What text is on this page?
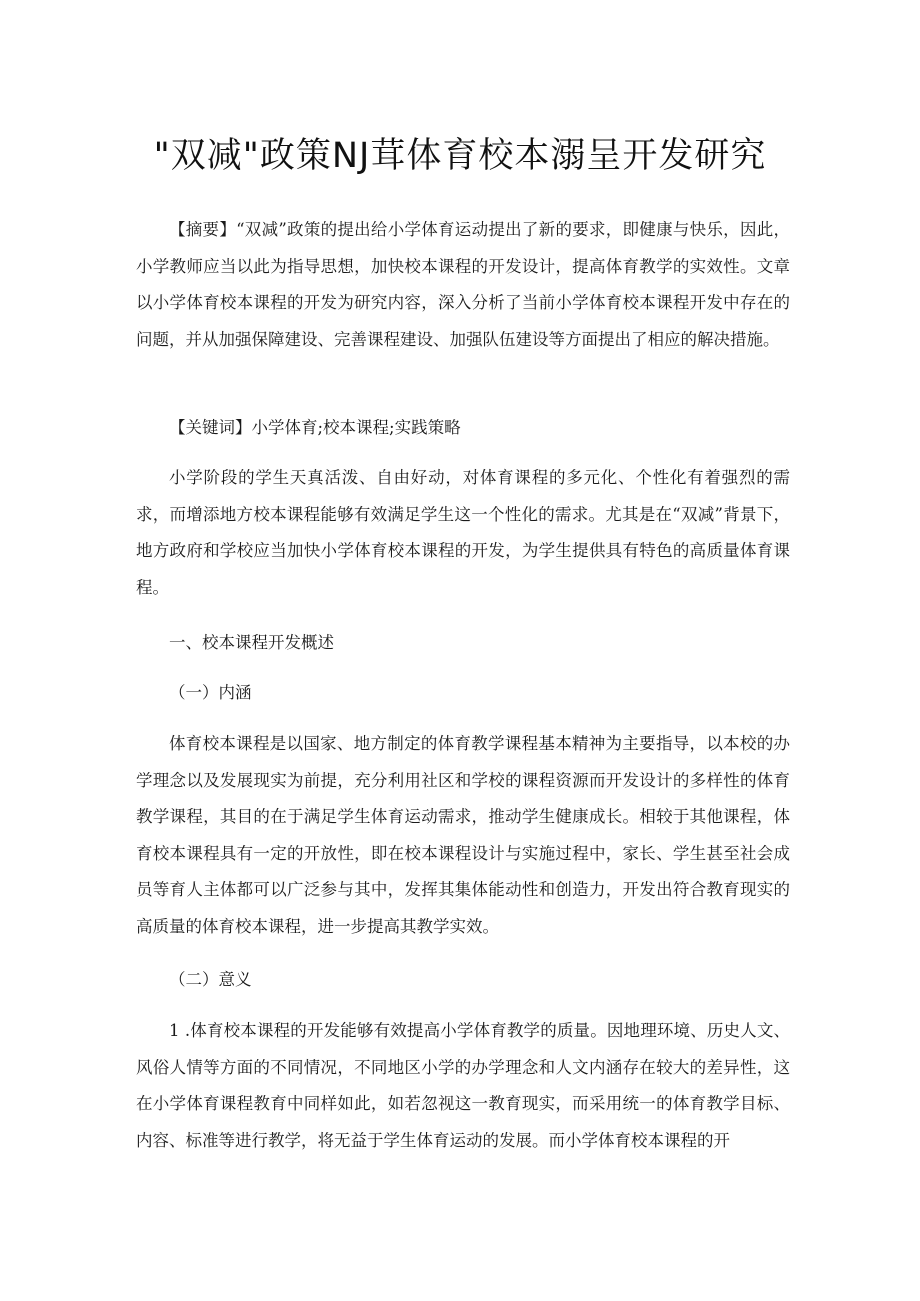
"双减"政策NJ茸体育校本溺呈开发研究
【摘要】“双减”政策的提出给小学体育运动提出了新的要求，即健康与快乐，因此，小学教师应当以此为指导思想，加快校本课程的开发设计，提高体育教学的实效性。文章以小学体育校本课程的开发为研究内容，深入分析了当前小学体育校本课程开发中存在的问题，并从加强保障建设、完善课程建设、加强队伍建设等方面提出了相应的解决措施。
【关键词】小学体育;校本课程;实践策略
小学阶段的学生天真活泼、自由好动，对体育课程的多元化、个性化有着强烈的需求，而增添地方校本课程能够有效满足学生这一个性化的需求。尤其是在“双减”背景下，地方政府和学校应当加快小学体育校本课程的开发，为学生提供具有特色的高质量体育课程。
一、校本课程开发概述
（一）内涵
体育校本课程是以国家、地方制定的体育教学课程基本精神为主要指导，以本校的办学理念以及发展现实为前提，充分利用社区和学校的课程资源而开发设计的多样性的体育教学课程，其目的在于满足学生体育运动需求，推动学生健康成长。相较于其他课程，体育校本课程具有一定的开放性，即在校本课程设计与实施过程中，家长、学生甚至社会成员等育人主体都可以广泛参与其中，发挥其集体能动性和创造力，开发出符合教育现实的高质量的体育校本课程，进一步提高其教学实效。
（二）意义
1 .体育校本课程的开发能够有效提高小学体育教学的质量。因地理环境、历史人文、风俗人情等方面的不同情况，不同地区小学的办学理念和人文内涵存在较大的差异性，这在小学体育课程教育中同样如此，如若忽视这一教育现实，而采用统一的体育教学目标、内容、标准等进行教学，将无益于学生体育运动的发展。而小学体育校本课程的开
